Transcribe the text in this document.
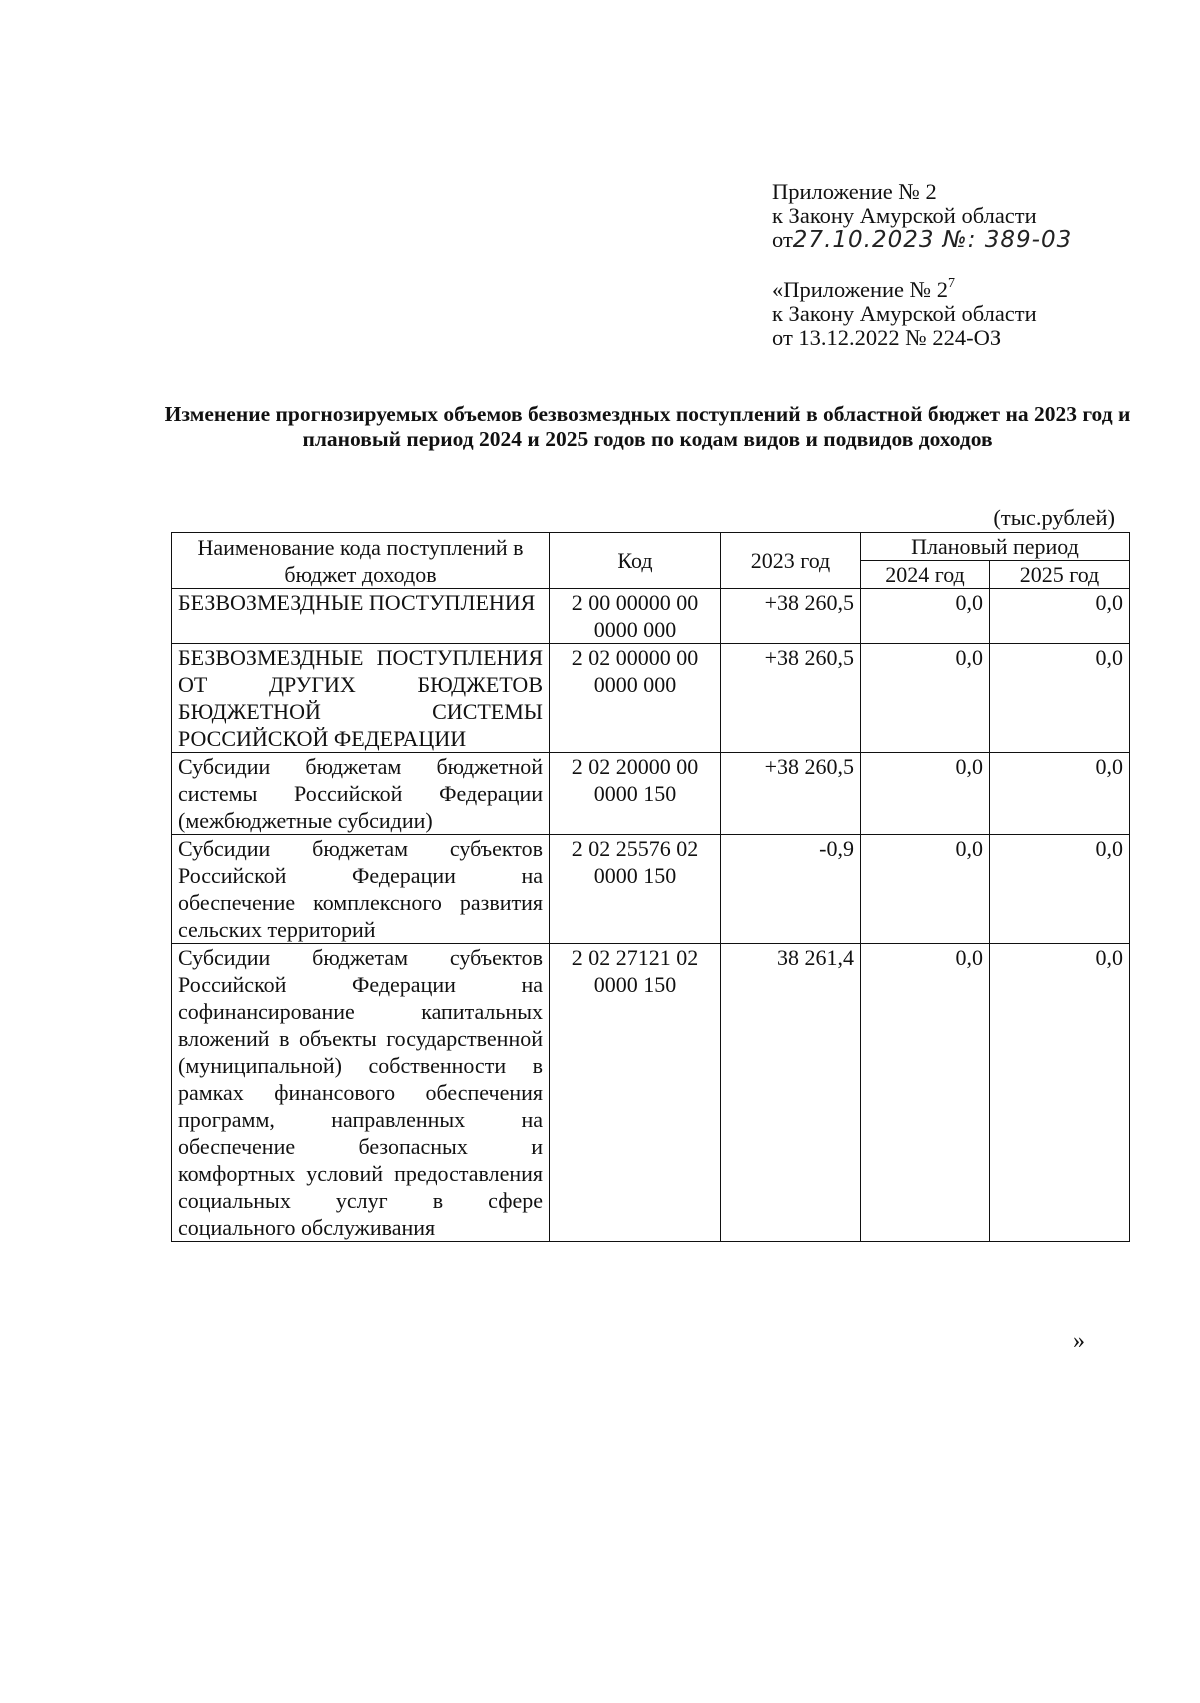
Приложение № 2
к Закону Амурской области
от27.10.2023 №: 389-03
«Приложение № $2^7$
к Закону Амурской области
от 13.12.2022 № 224-ОЗ
Изменение прогнозируемых объемов безвозмездных поступлений в областной бюджет на 2023 год и плановый период 2024 и 2025 годов по кодам видов и подвидов доходов
(тыс.рублей)
Наименование кода поступлений в бюджет доходов	Код	2023 год	Плановый период	
			2024 год	2025 год
БЕЗВОЗМЕЗДНЫЕ ПОСТУПЛЕНИЯ	2 00 00000 00 0000 000	+38 260,5	0,0	0,0
БЕЗВОЗМЕЗДНЫЕ ПОСТУПЛЕНИЯ ОТ ДРУГИХ БЮДЖЕТОВ БЮДЖЕТНОЙ СИСТЕМЫ РОССИЙСКОЙ ФЕДЕРАЦИИ	2 02 00000 00 0000 000	+38 260,5	0,0	0,0
Субсидии бюджетам бюджетной системы Российской Федерации (межбюджетные субсидии)	2 02 20000 00 0000 150	+38 260,5	0,0	0,0
Субсидии бюджетам субъектов Российской Федерации на обеспечение комплексного развития сельских территорий	2 02 25576 02 0000 150	-0,9	0,0	0,0
Субсидии бюджетам субъектов Российской Федерации на софинансирование капитальных вложений в объекты государственной (муниципальной) собственности в рамках финансового обеспечения программ, направленных на обеспечение безопасных и комфортных условий предоставления социальных услуг в сфере социального обслуживания	2 02 27121 02 0000 150	38 261,4	0,0	0,0
»
